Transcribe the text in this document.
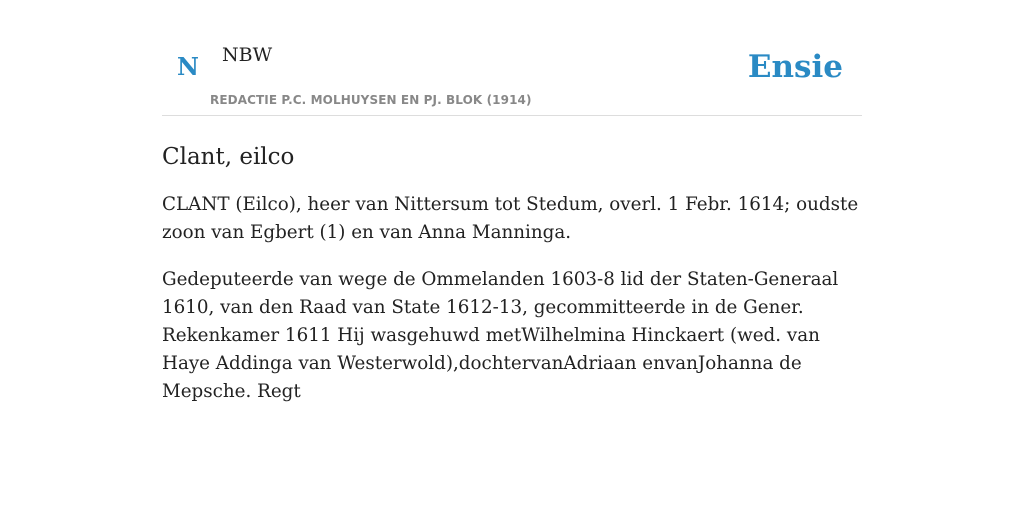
N NBW
REDACTIE P.C. MOLHUYSEN EN PJ. BLOK (1914)
Ensie
Clant, eilco

CLANT (Eilco), heer van Nittersum tot Stedum, overl. 1 Febr. 1614; oudste zoon van Egbert (1) en van Anna Manninga.

Gedeputeerde van wege de Ommelanden 1603-8 lid der Staten-Generaal 1610, van den Raad van State 1612-13, gecommitteerde in de Gener. Rekenkamer 1611 Hij wasgehuwd metWilhelmina Hinckaert (wed. van Haye Addinga van Westerwold),dochtervanAdriaan envanJohanna de Mepsche. Regt
